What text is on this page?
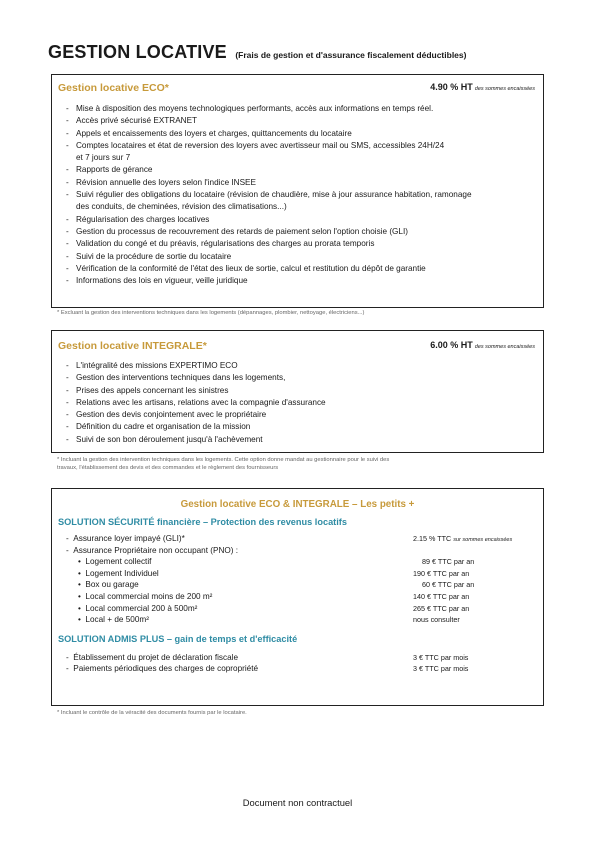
GESTION LOCATIVE (Frais de gestion et d'assurance fiscalement déductibles)
Gestion locative ECO*	4.90 % HT des sommes encaissées
- Mise à disposition des moyens technologiques performants, accès aux informations en temps réel.
- Accès privé sécurisé EXTRANET
- Appels et encaissements des loyers et charges, quittancements du locataire
- Comptes locataires et état de reversion des loyers avec avertisseur mail ou SMS, accessibles 24H/24
et 7 jours sur 7
- Rapports de gérance
- Révision annuelle des loyers selon l'indice INSEE
- Suivi régulier des obligations du locataire (révision de chaudière, mise à jour assurance habitation, ramonage
des conduits, de cheminées, révision des climatisations...)
- Régularisation des charges locatives
- Gestion du processus de recouvrement des retards de paiement selon l'option choisie (GLI)
- Validation du congé et du préavis, régularisations des charges au prorata temporis
- Suivi de la procédure de sortie du locataire
- Vérification de la conformité de l'état des lieux de sortie, calcul et restitution du dépôt de garantie
- Informations des lois en vigueur, veille juridique
* Excluant la gestion des interventions techniques dans les logements (dépannages, plombier, nettoyage, électriciens...)
Gestion locative INTEGRALE*	6.00 % HT des sommes encaissées
- L'intégralité des missions EXPERTIMO ECO
- Gestion des interventions techniques dans les logements,
- Prises des appels concernant les sinistres
- Relations avec les artisans, relations avec la compagnie d'assurance
- Gestion des devis conjointement avec le propriétaire
- Définition du cadre et organisation de la mission
- Suivi de son bon déroulement jusqu'à l'achèvement
* Incluant la gestion des intervention techniques dans les logements. Cette option donne mandat au gestionnaire pour le suivi des
travaux, l'établissement des devis et des commandes et le règlement des fournisseurs
Gestion locative ECO & INTEGRALE – Les petits +
SOLUTION SÉCURITÉ financière – Protection des revenus locatifs
-  Assurance loyer impayé (GLI)*	2.15 % TTC sur sommes encaissées
-  Assurance Propriétaire non occupant (PNO) :
•  Logement collectif	89 € TTC par an
•  Logement Individuel	190 € TTC par an
•  Box ou garage	60 € TTC par an
•  Local commercial moins de 200 m²	140 € TTC par an
•  Local commercial 200 à 500m²	265 € TTC par an
•  Local + de 500m²	nous consulter
SOLUTION ADMIS PLUS – gain de temps et d'efficacité
-  Établissement du projet de déclaration fiscale	3 € TTC par mois
-  Paiements périodiques des charges de copropriété	3 € TTC par mois
* Incluant le contrôle de la véracité des documents fournis par le locataire.
Document non contractuel
